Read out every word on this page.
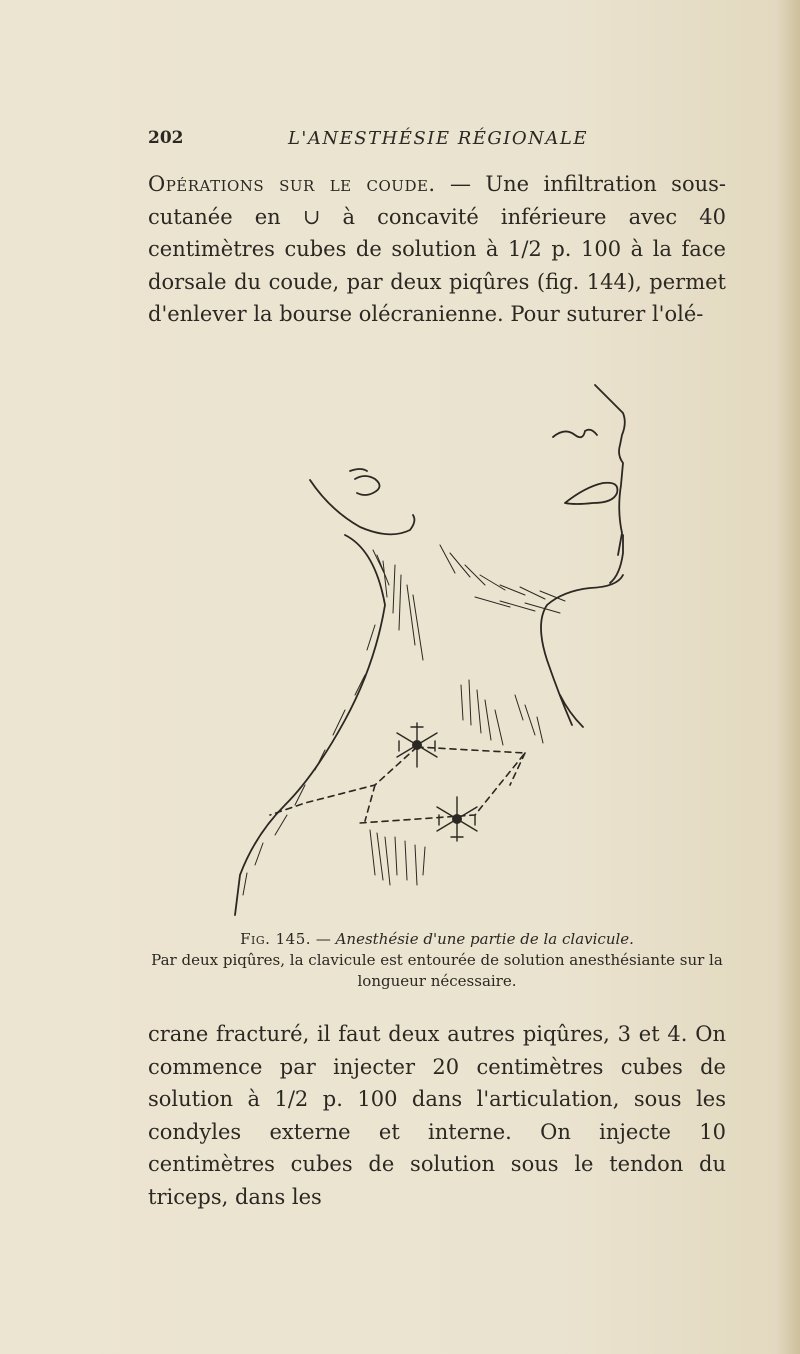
202	L'ANESTHÉSIE RÉGIONALE
Opérations sur le coude. — Une infiltration sous-cutanée en ∪ à concavité inférieure avec 40 centimètres cubes de solution à 1/2 p. 100 à la face dorsale du coude, par deux piqûres (fig. 144), permet d'enlever la bourse olécranienne. Pour suturer l'olé-
Fig. 145. — Anesthésie d'une partie de la clavicule.
Par deux piqûres, la clavicule est entourée de solution anesthésiante sur la longueur nécessaire.
crane fracturé, il faut deux autres piqûres, 3 et 4. On commence par injecter 20 centimètres cubes de solution à 1/2 p. 100 dans l'articulation, sous les condyles externe et interne. On injecte 10 centimètres cubes de solution sous le tendon du triceps, dans les
